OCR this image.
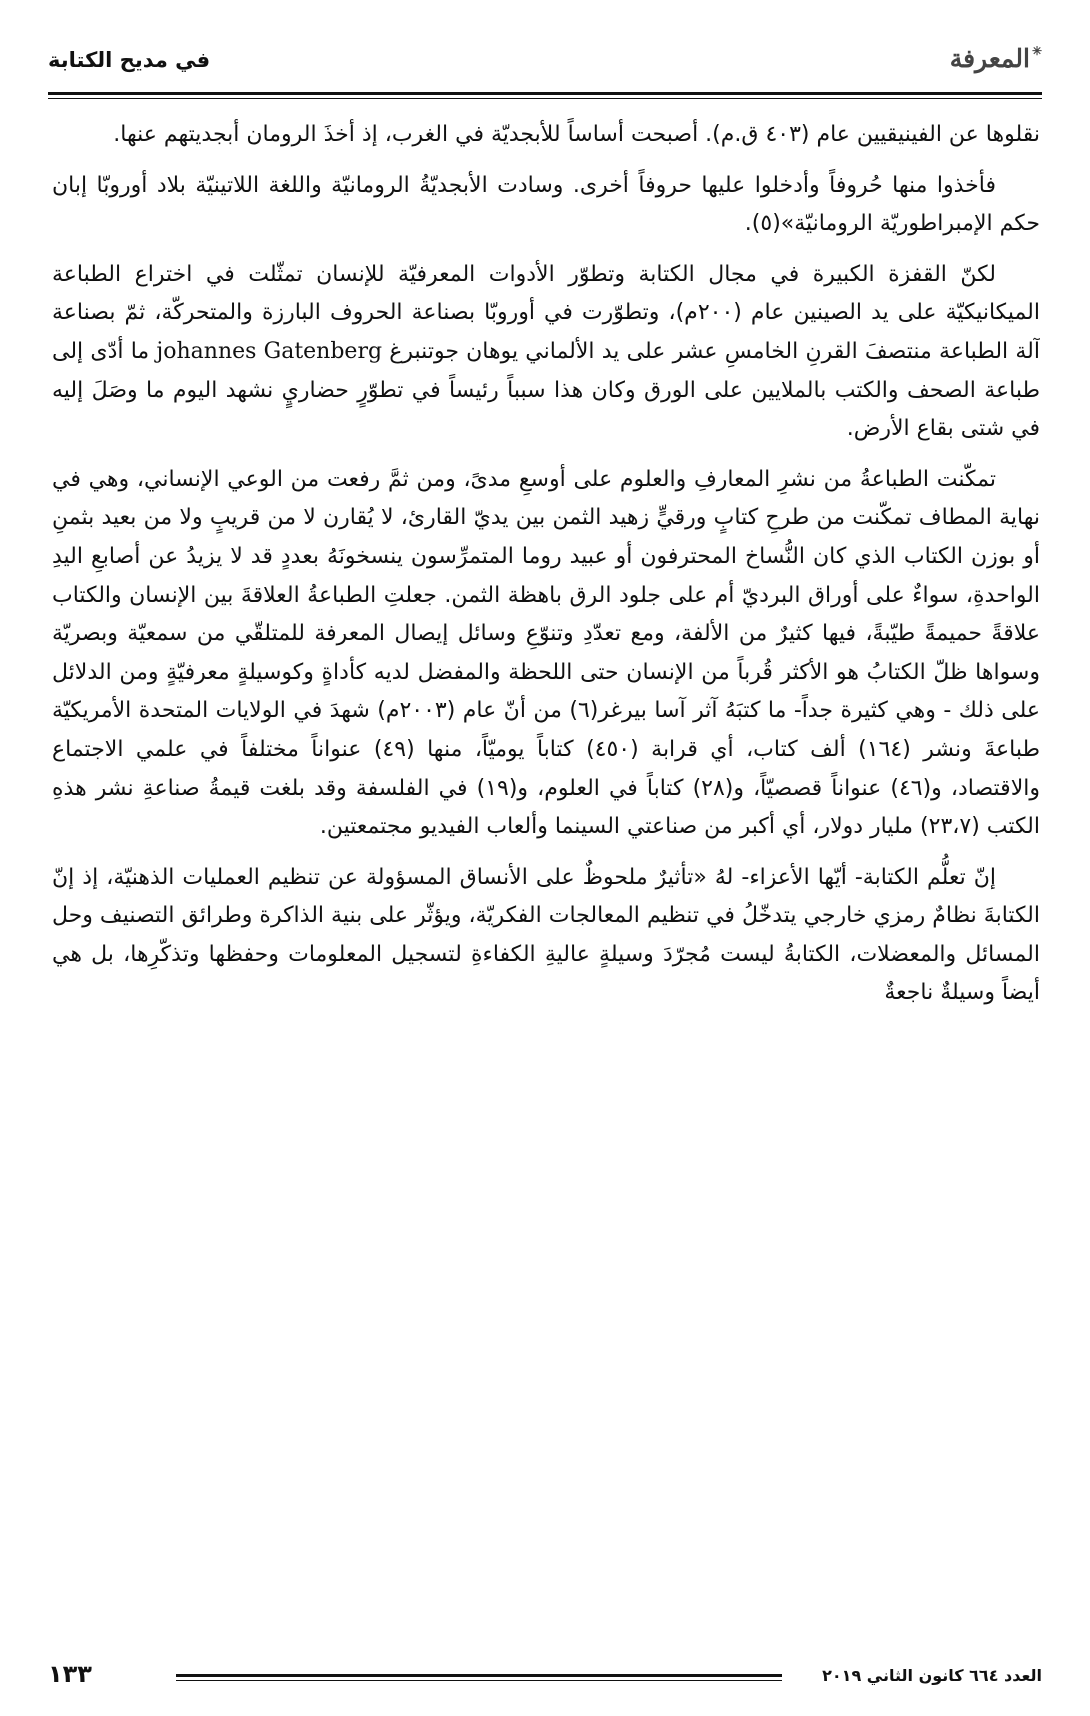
✳المعرفة
في مديح الكتابة

نقلوها عن الفينيقيين عام (٤٠٣ ق.م). أصبحت أساساً للأبجديّة في الغرب، إذ أخذَ الرومان أبجديتهم عنها.

فأخذوا منها حُروفاً وأدخلوا عليها حروفاً أخرى. وسادت الأبجديّةُ الرومانيّة واللغة اللاتينيّة بلاد أوروبّا إبان حكم الإمبراطوريّة الرومانيّة»(٥).

لكنّ القفزة الكبيرة في مجال الكتابة وتطوّر الأدوات المعرفيّة للإنسان تمثّلت في اختراع الطباعة الميكانيكيّة على يد الصينين عام (٢٠٠م)، وتطوّرت في أوروبّا بصناعة الحروف البارزة والمتحركّة، ثمّ بصناعة آلة الطباعة منتصفَ القرنِ الخامسِ عشر على يد الألماني يوهان جوتنبرغ johannes Gatenberg ما أدّى إلى طباعة الصحف والكتب بالملايين على الورق وكان هذا سبباً رئيساً في تطوّرٍ حضاريٍ نشهد اليوم ما وصَلَ إليه في شتى بقاع الأرض.

تمكّنت الطباعةُ من نشرِ المعارفِ والعلوم على أوسعِ مدىً، ومن ثمَّ رفعت من الوعي الإنساني، وهي في نهاية المطاف تمكّنت من طرحِ كتابٍ ورقيٍّ زهيد الثمن بين يديّ القارئ، لا يُقارن لا من قريبٍ ولا من بعيد بثمنِ أو بوزن الكتاب الذي كان النُّساخ المحترفون أو عبيد روما المتمرِّسون ينسخونَهُ بعددٍ قد لا يزيدُ عن أصابعِ اليدِ الواحدةِ، سواءٌ على أوراق البرديّ أم على جلود الرق باهظة الثمن. جعلتِ الطباعةُ العلاقةَ بين الإنسان والكتاب علاقةً حميمةً طيّبةً، فيها كثيرٌ من الألفة، ومع تعدّدِ وتنوّعِ وسائل إيصال المعرفة للمتلقّي من سمعيّة وبصريّة وسواها ظلّ الكتابُ هو الأكثر قُرباً من الإنسان حتى اللحظة والمفضل لديه كأداةٍ وكوسيلةٍ معرفيّةٍ ومن الدلائل على ذلك - وهي كثيرة جداً- ما كتبَهُ آثر آسا بيرغر(٦) من أنّ عام (٢٠٠٣م) شهدَ في الولايات المتحدة الأمريكيّة طباعةَ ونشر (١٦٤) ألف كتاب، أي قرابة (٤٥٠) كتاباً يوميّاً، منها (٤٩) عنواناً مختلفاً في علمي الاجتماع والاقتصاد، و(٤٦) عنواناً قصصيّاً، و(٢٨) كتاباً في العلوم، و(١٩) في الفلسفة وقد بلغت قيمةُ صناعةِ نشر هذهِ الكتب (٢٣،٧) مليار دولار، أي أكبر من صناعتي السينما وألعاب الفيديو مجتمعتين.

إنّ تعلُّم الكتابة- أيّها الأعزاء- لهُ «تأثيرٌ ملحوظٌ على الأنساق المسؤولة عن تنظيم العمليات الذهنيّة، إذ إنّ الكتابةَ نظامٌ رمزي خارجي يتدخّلُ في تنظيم المعالجات الفكريّة، ويؤثّر على بنية الذاكرة وطرائق التصنيف وحل المسائل والمعضلات، الكتابةُ ليست مُجرّدَ وسيلةٍ عاليةِ الكفاءةِ لتسجيل المعلومات وحفظها وتذكّرِها، بل هي أيضاً وسيلةٌ ناجعةٌ

العدد ٦٦٤ كانون الثاني ٢٠١٩
١٣٣
